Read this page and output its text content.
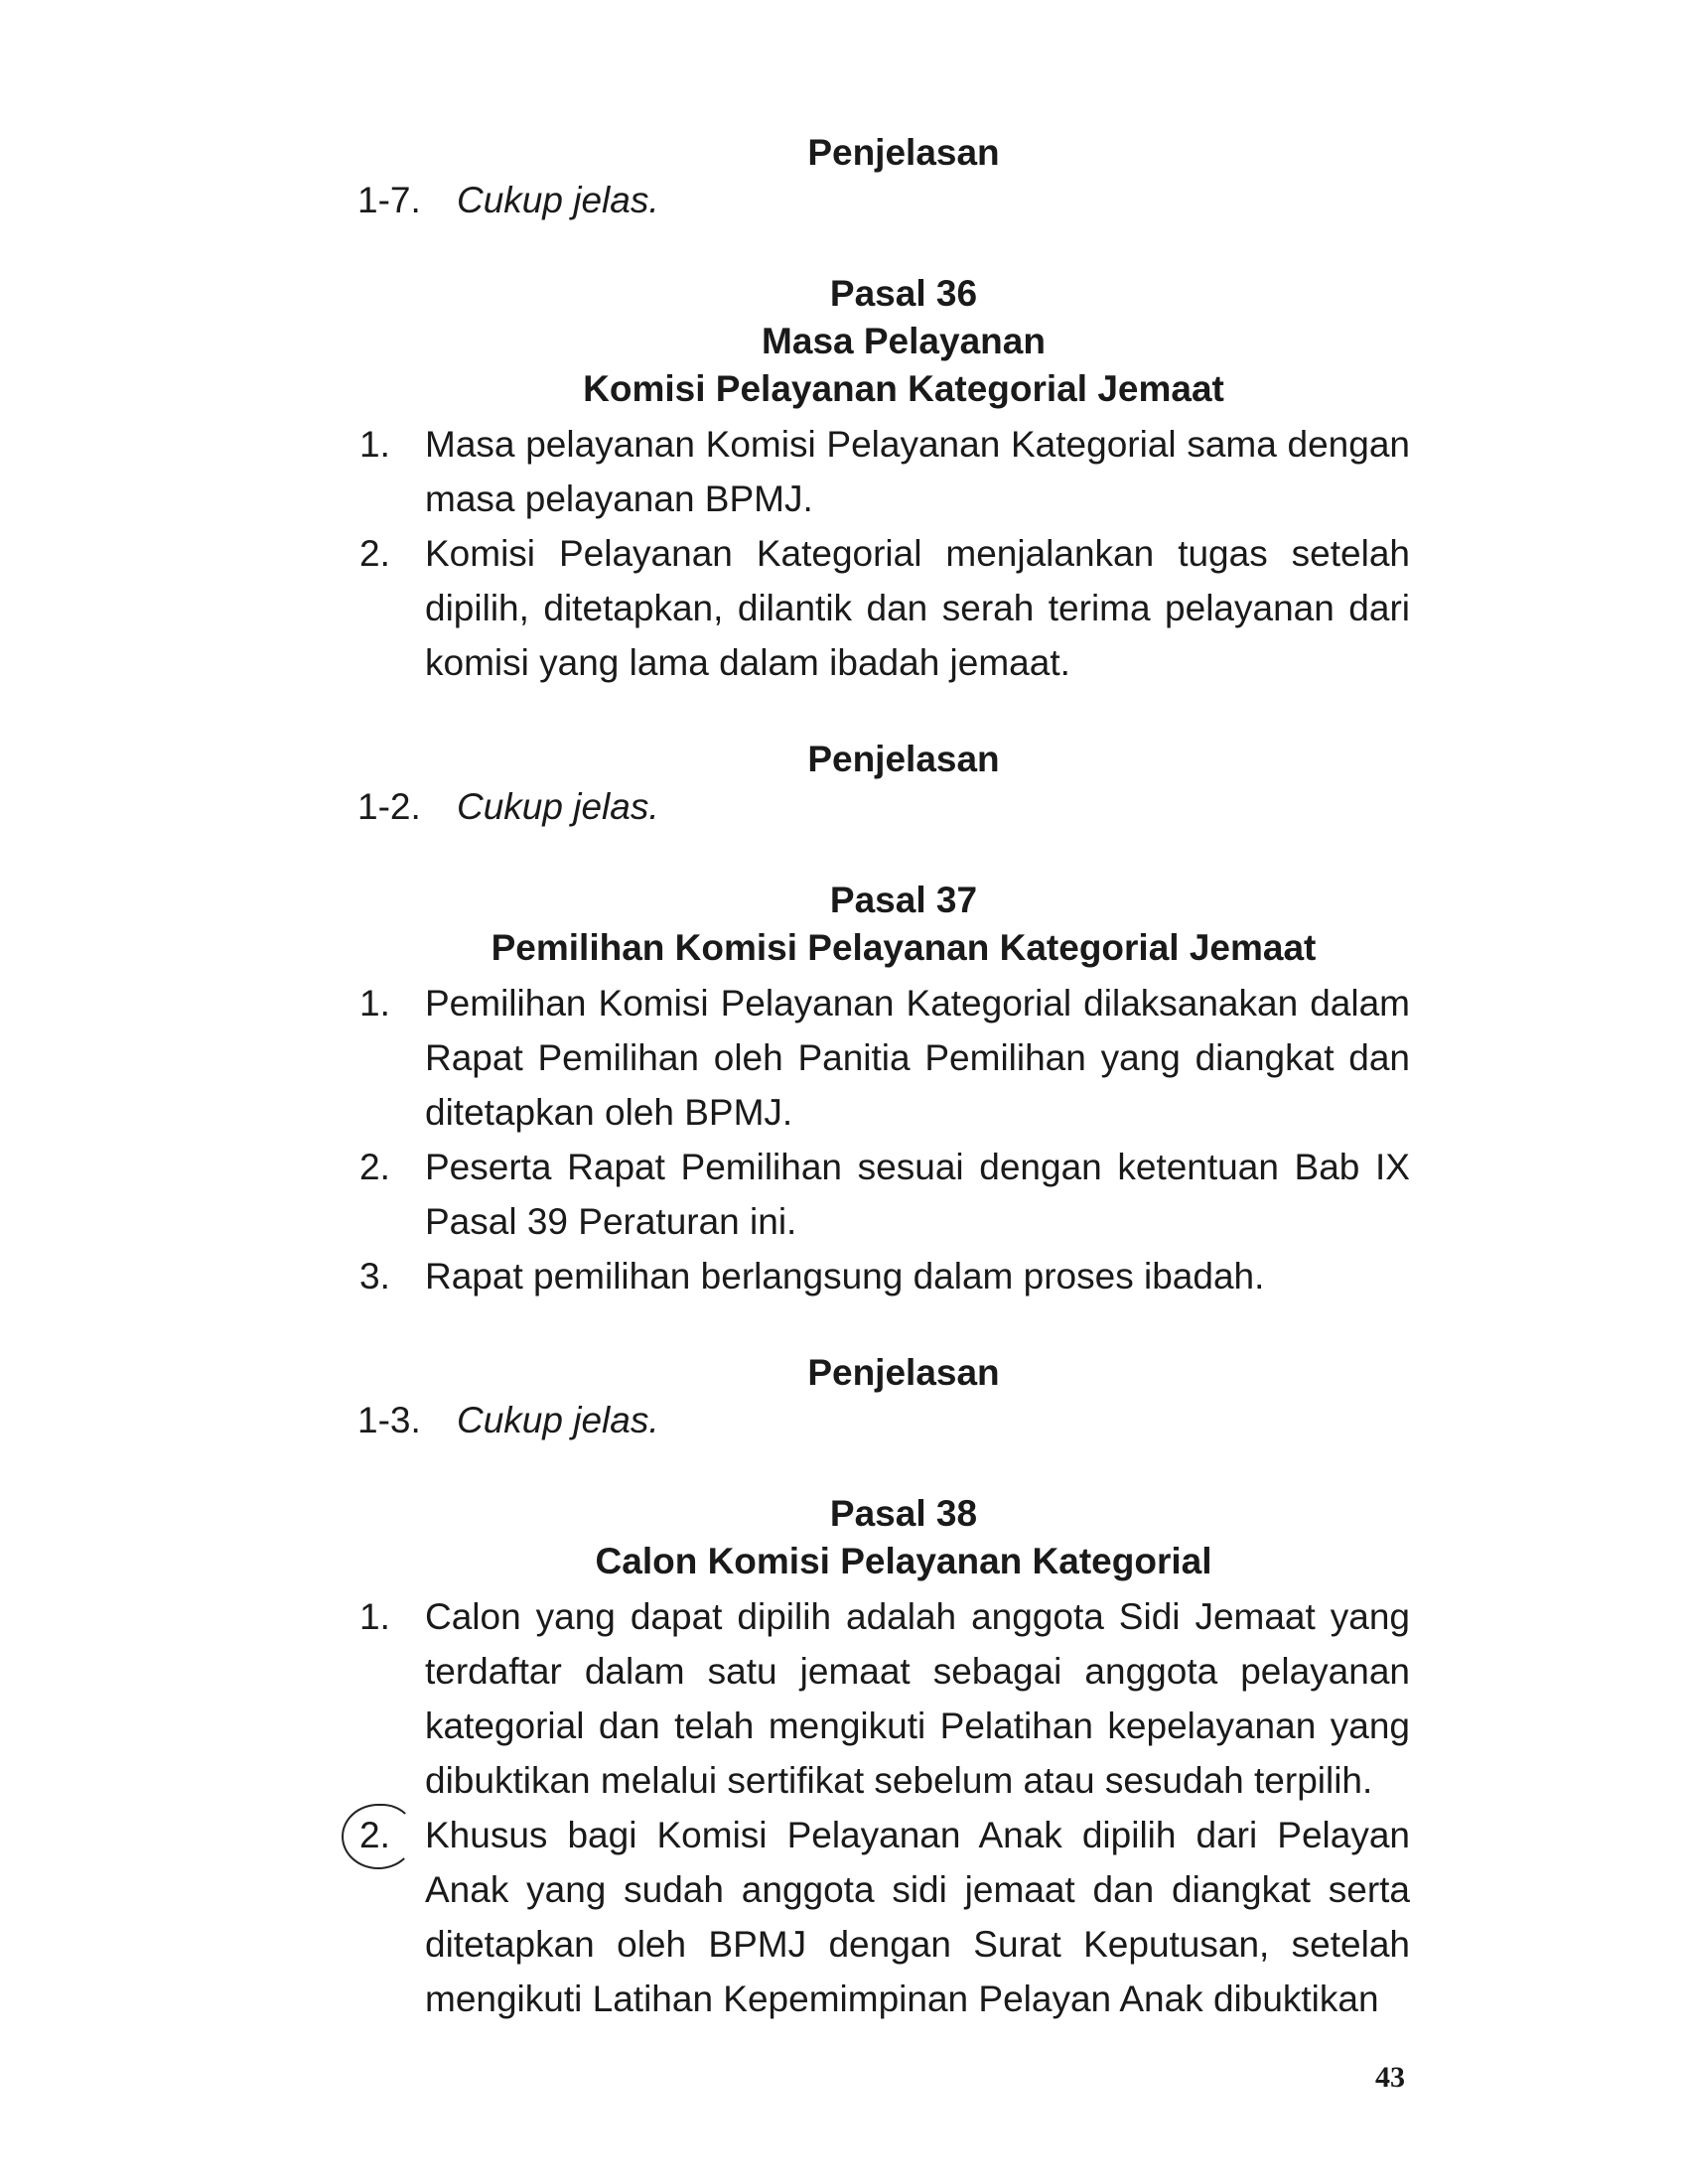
Penjelasan

1-7. Cukup jelas.

Pasal 36
Masa Pelayanan
Komisi Pelayanan Kategorial Jemaat
1. Masa pelayanan Komisi Pelayanan Kategorial sama dengan masa pelayanan BPMJ.
2. Komisi Pelayanan Kategorial menjalankan tugas setelah dipilih, ditetapkan, dilantik dan serah terima pelayanan dari komisi yang lama dalam ibadah jemaat.
Penjelasan

1-2. Cukup jelas.

Pasal 37
Pemilihan Komisi Pelayanan Kategorial Jemaat
1. Pemilihan Komisi Pelayanan Kategorial dilaksanakan dalam Rapat Pemilihan oleh Panitia Pemilihan yang diangkat dan ditetapkan oleh BPMJ.
2. Peserta Rapat Pemilihan sesuai dengan ketentuan Bab IX Pasal 39 Peraturan ini.
3. Rapat pemilihan berlangsung dalam proses ibadah.
Penjelasan

1-3. Cukup jelas.

Pasal 38
Calon Komisi Pelayanan Kategorial
1. Calon yang dapat dipilih adalah anggota Sidi Jemaat yang terdaftar dalam satu jemaat sebagai anggota pelayanan kategorial dan telah mengikuti Pelatihan kepelayanan yang dibuktikan melalui sertifikat sebelum atau sesudah terpilih.
2. Khusus bagi Komisi Pelayanan Anak dipilih dari Pelayan Anak yang sudah anggota sidi jemaat dan diangkat serta ditetapkan oleh BPMJ dengan Surat Keputusan, setelah mengikuti Latihan Kepemimpinan Pelayan Anak dibuktikan
43
